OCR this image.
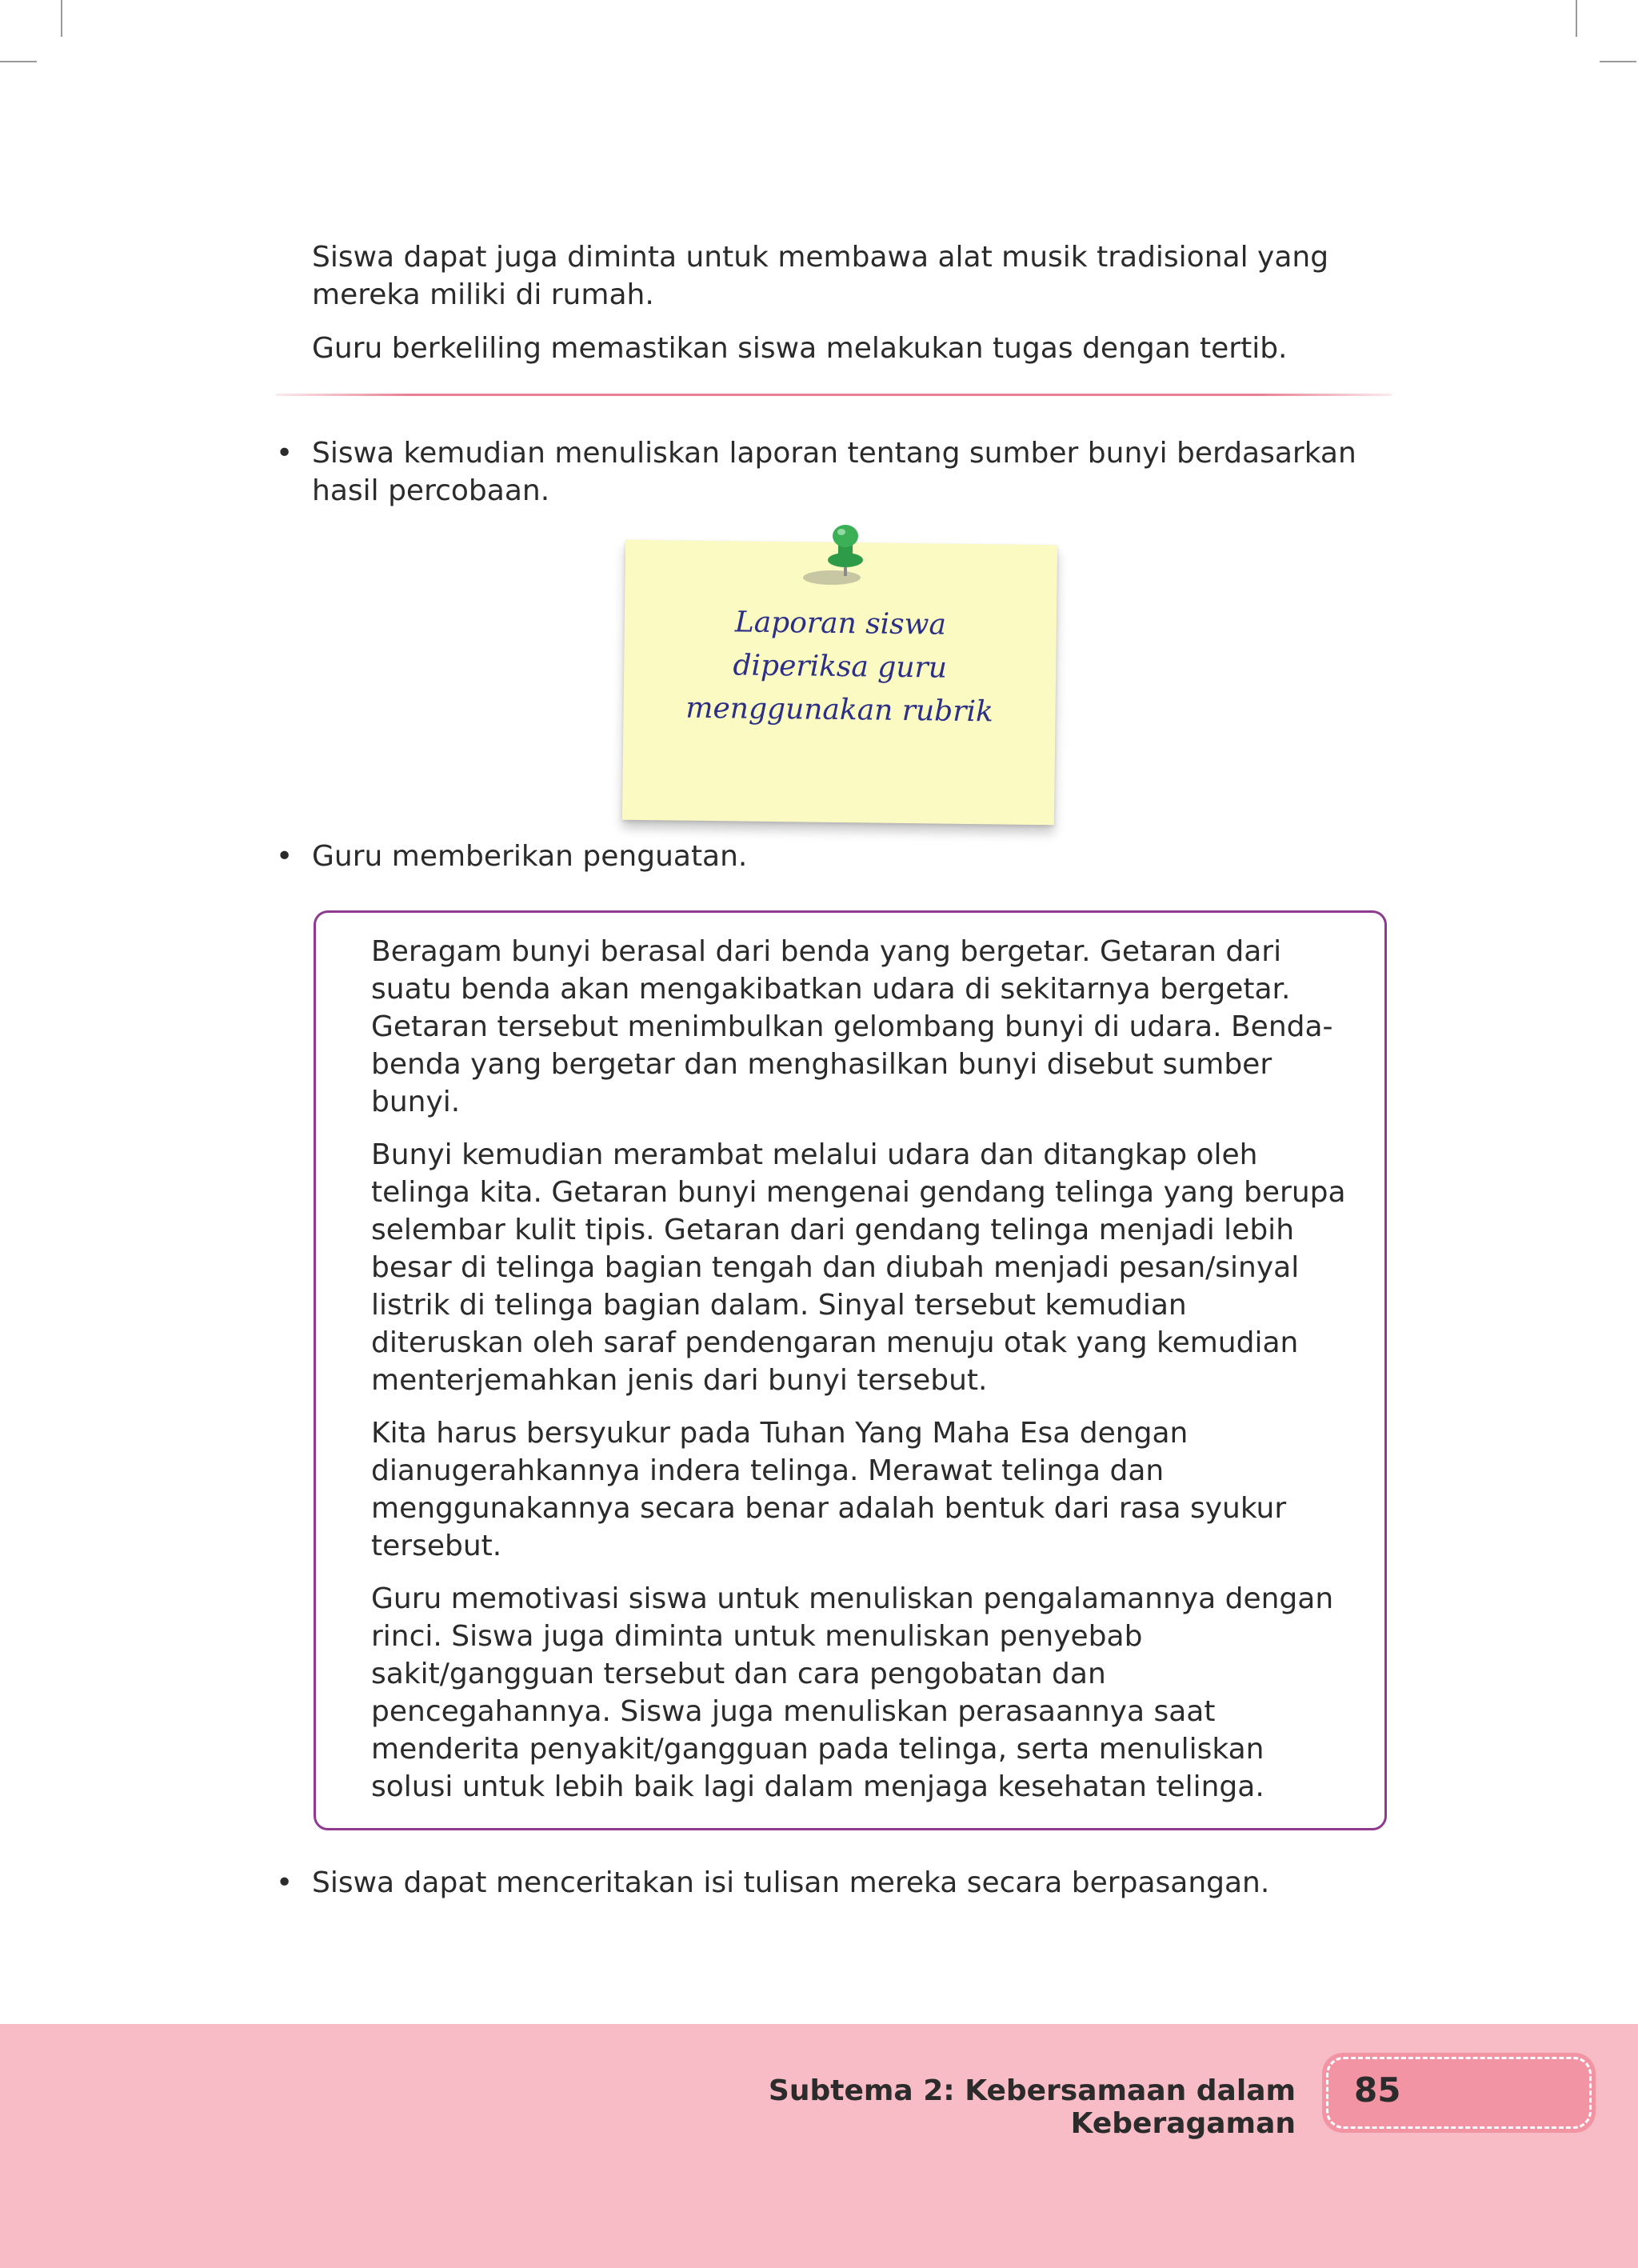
Siswa dapat juga diminta untuk membawa alat musik tradisional yang mereka miliki di rumah.

Guru berkeliling memastikan siswa melakukan tugas dengan tertib.

• Siswa kemudian menuliskan laporan tentang sumber bunyi berdasarkan hasil percobaan.
Laporan siswa
diperiksa guru
menggunakan rubrik
• Guru memberikan penguatan.

Beragam bunyi berasal dari benda yang bergetar. Getaran dari suatu benda akan mengakibatkan udara di sekitarnya bergetar. Getaran tersebut menimbulkan gelombang bunyi di udara. Benda-benda yang bergetar dan menghasilkan bunyi disebut sumber bunyi.

Bunyi kemudian merambat melalui udara dan ditangkap oleh telinga kita. Getaran bunyi mengenai gendang telinga yang berupa selembar kulit tipis. Getaran dari gendang telinga menjadi lebih besar di telinga bagian tengah dan diubah menjadi pesan/sinyal listrik di telinga bagian dalam. Sinyal tersebut kemudian diteruskan oleh saraf pendengaran menuju otak yang kemudian menterjemahkan jenis dari bunyi tersebut.

Kita harus bersyukur pada Tuhan Yang Maha Esa dengan dianugerahkannya indera telinga. Merawat telinga dan menggunakannya secara benar adalah bentuk dari rasa syukur tersebut.

Guru memotivasi siswa untuk menuliskan pengalamannya dengan rinci. Siswa juga diminta untuk menuliskan penyebab sakit/gangguan tersebut dan cara pengobatan dan pencegahannya. Siswa juga menuliskan perasaannya saat menderita penyakit/gangguan pada telinga, serta menuliskan solusi untuk lebih baik lagi dalam menjaga kesehatan telinga.

• Siswa dapat menceritakan isi tulisan mereka secara berpasangan.
Subtema 2: Kebersamaan dalam Keberagaman
85
